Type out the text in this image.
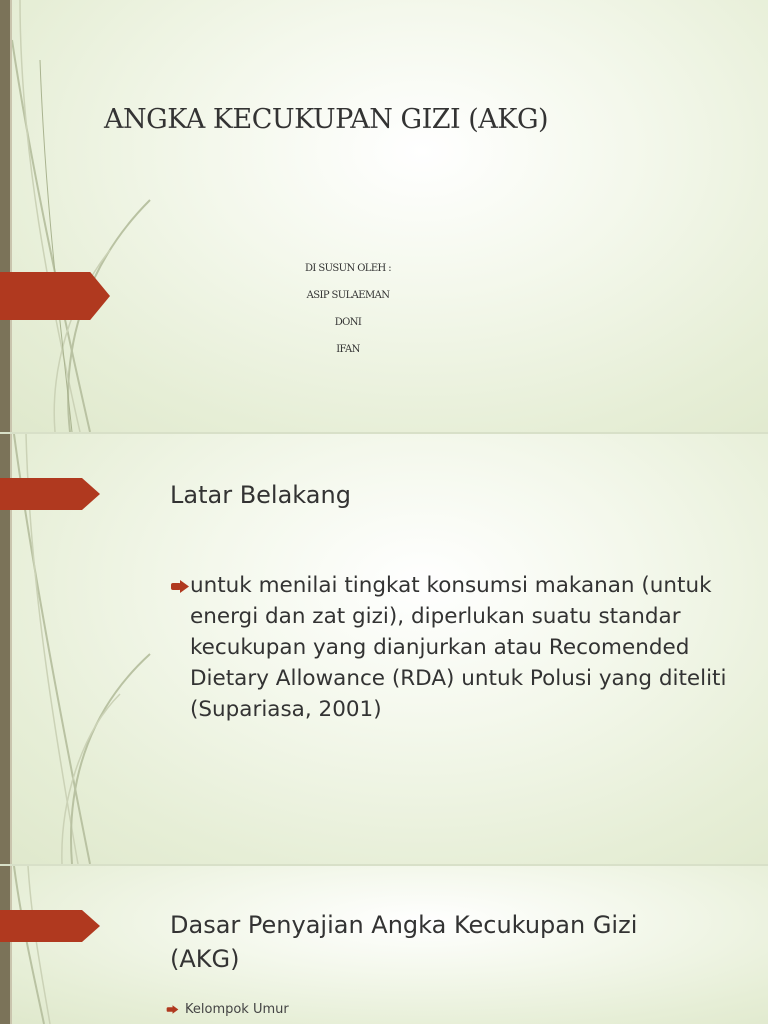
ANGKA KECUKUPAN GIZI (AKG)
DI SUSUN OLEH :
ASIP SULAEMAN
DONI
IFAN
Latar Belakang
untuk menilai tingkat konsumsi makanan (untuk energi dan zat gizi), diperlukan suatu standar kecukupan yang dianjurkan atau Recomended Dietary Allowance (RDA) untuk Polusi yang diteliti (Supariasa, 2001)
Dasar Penyajian Angka Kecukupan Gizi (AKG)
Kelompok Umur
